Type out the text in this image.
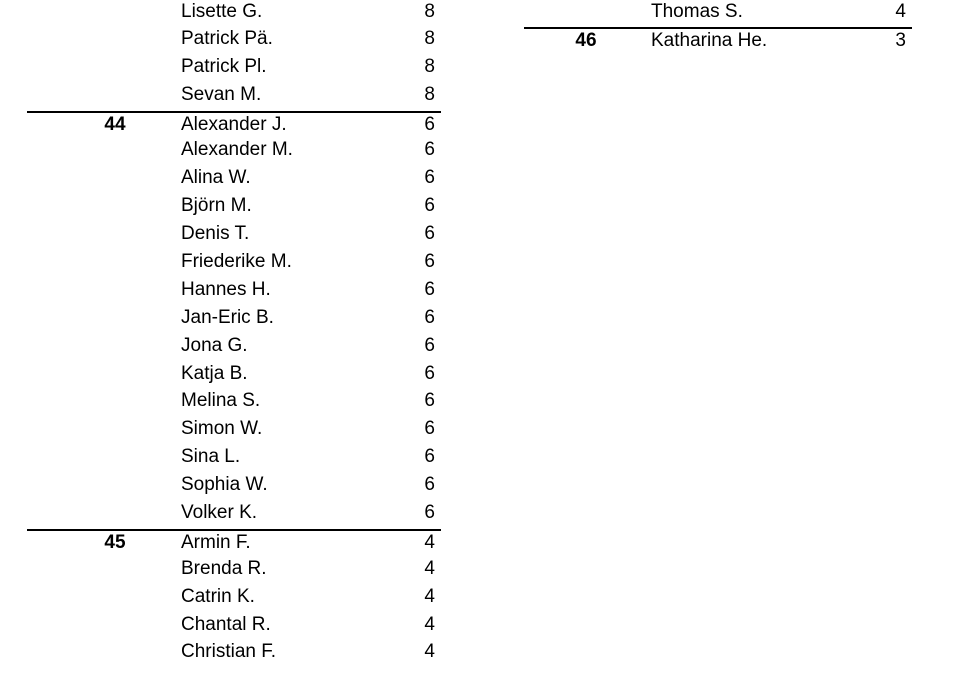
Lisette G.	8
Patrick Pä.	8
Patrick Pl.	8
Sevan M.	8
44	Alexander J.	6
Alexander M.	6
Alina W.	6
Björn M.	6
Denis T.	6
Friederike M.	6
Hannes H.	6
Jan-Eric B.	6
Jona G.	6
Katja B.	6
Melina S.	6
Simon W.	6
Sina L.	6
Sophia W.	6
Volker K.	6
45	Armin F.	4
Brenda R.	4
Catrin K.	4
Chantal R.	4
Christian F.	4
Thomas S.	4
46	Katharina He.	3
